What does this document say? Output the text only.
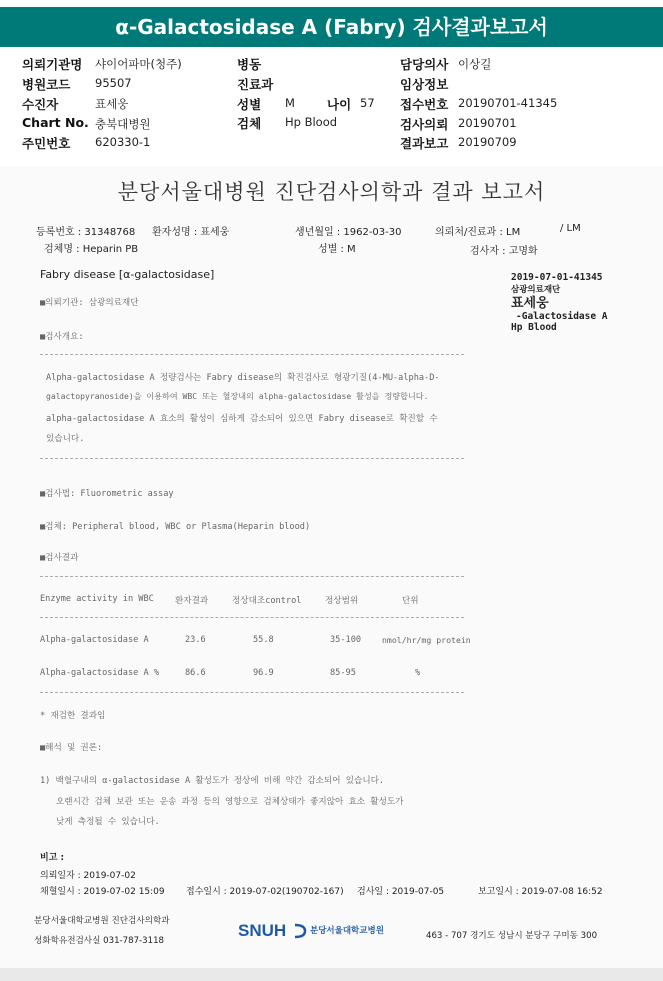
α-Galactosidase A (Fabry) 검사결과보고서
의뢰기관명 샤이어파마(청주)
병원코드 95507
수진자	표세웅
Chart No. 충북대병원
주민번호 620330-1
병동
진료과
성별 M	나이 57
검체 Hp Blood
담당의사 이상길
임상정보
접수번호 20190701-41345
검사의뢰 20190701
결과보고 20190709
분당서울대병원 진단검사의학과 결과 보고서
등록번호 : 31348768 환자성명 : 표세웅	생년월일 : 1962-03-30	의뢰처/진료과 : LM	/ LM
검체명 : Heparin PB	성별 : M	검사자 : 고명화
Fabry disease [α-galactosidase]	2019-07-01-41345
삼광의료재단
표세웅
-Galactosidase A
Hp Blood
■의뢰기관: 삼광의료재단
■검사개요:
Alpha-galactosidase A 정량검사는 Fabry disease의 확진검사로 형광기질(4-MU-alpha-D-
galactopyranoside)을 이용하여 WBC 또는 혈장내의 alpha-galactosidase 활성을 정량합니다.
alpha-galactosidase A 효소의 활성이 심하게 감소되어 있으면 Fabry disease로 확진할 수
있습니다.
■검사법: Fluorometric assay
■검체: Peripheral blood, WBC or Plasma(Heparin blood)
■검사결과
Enzyme activity in WBC 환자결과	정상대조control	정상범위	단위
Alpha-galactosidase A	23.6	55.8	35-100	nmol/hr/mg protein
Alpha-galactosidase A %	86.6	96.9	85-95	%
* 재검한 결과임
■해석 및 권론:
1) 백혈구내의 α-galactosidase A 활성도가 정상에 비해 약간 감소되어 있습니다.
오랜시간 검체 보관 또는 운송 과정 등의 영향으로 검체상태가 좋지않아 효소 활성도가
낮게 측정될 수 있습니다.
비고 :
의뢰일자 : 2019-07-02
채혈일시 : 2019-07-02 15:09 접수일시 : 2019-07-02(190702-167) 검사일 : 2019-07-05	보고일시 : 2019-07-08 16:52
분당서울대학교병원 진단검사의학과
성화학유전검사실 031-787-3118
SNUH	분당서울대학교병원	463 - 707 경기도 성남시 분당구 구미동 300
